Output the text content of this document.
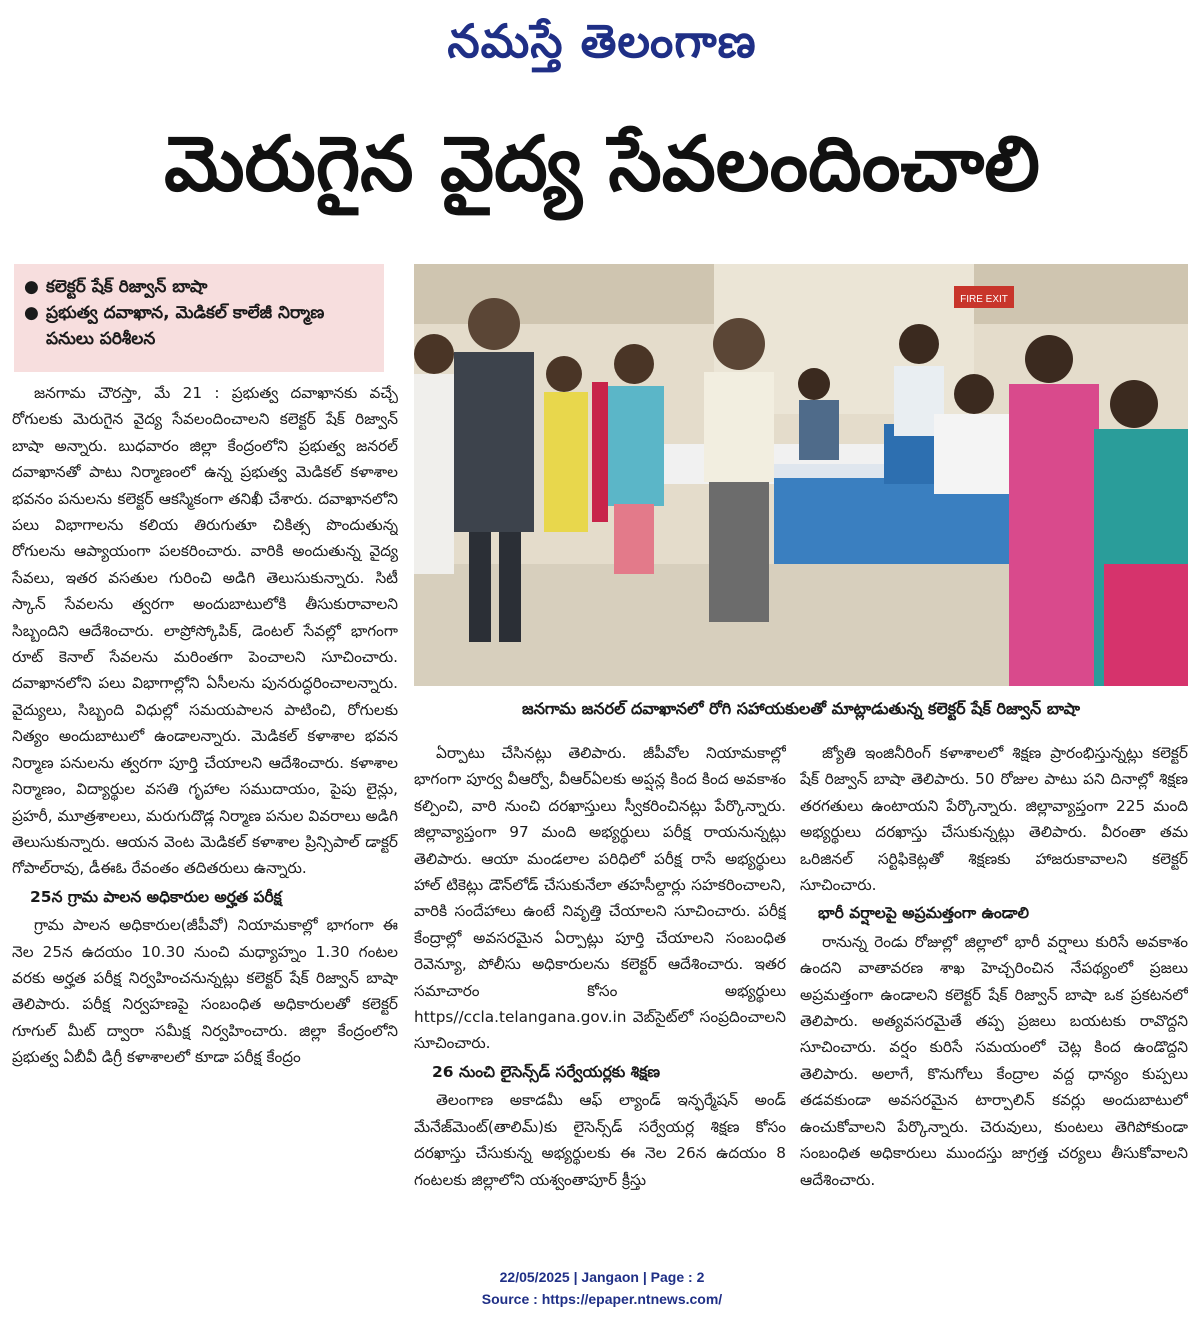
నమస్తే తెలంగాణ
మెరుగైన వైద్య సేవలందించాలి
● కలెక్టర్ షేక్ రిజ్వాన్ బాషా
● ప్రభుత్వ దవాఖాన, మెడికల్ కాలేజీ నిర్మాణ పనులు పరిశీలన
FIRE EXIT
జనగామ జనరల్ దవాఖానలో రోగి సహాయకులతో మాట్లాడుతున్న కలెక్టర్ షేక్ రిజ్వాన్ బాషా

జనగామ చౌరస్తా, మే 21 : ప్రభుత్వ దవాఖానకు వచ్చే రోగులకు మెరుగైన వైద్య సేవలందించాలని కలెక్టర్ షేక్ రిజ్వాన్ బాషా అన్నారు. బుధవారం జిల్లా కేంద్రంలోని ప్రభుత్వ జనరల్ దవాఖానతో పాటు నిర్మాణంలో ఉన్న ప్రభుత్వ మెడికల్ కళాశాల భవనం పనులను కలెక్టర్ ఆకస్మికంగా తనిఖీ చేశారు. దవాఖానలోని పలు విభాగాలను కలియ తిరుగుతూ చికిత్స పొందుతున్న రోగులను ఆప్యాయంగా పలకరించారు. వారికి అందుతున్న వైద్య సేవలు, ఇతర వసతుల గురించి అడిగి తెలుసుకున్నారు. సిటీ స్కాన్ సేవలను త్వరగా అందుబాటులోకి తీసుకురావాలని సిబ్బందిని ఆదేశించారు. లాప్రోస్కోపిక్, డెంటల్ సేవల్లో భాగంగా రూట్ కెనాల్ సేవలను మరింతగా పెంచాలని సూచించారు. దవాఖానలోని పలు విభాగాల్లోని ఏసీలను పునరుద్ధరించాలన్నారు. వైద్యులు, సిబ్బంది విధుల్లో సమయపాలన పాటించి, రోగులకు నిత్యం అందుబాటులో ఉండాలన్నారు. మెడికల్ కళాశాల భవన నిర్మాణ పనులను త్వరగా పూర్తి చేయాలని ఆదేశించారు. కళాశాల నిర్మాణం, విద్యార్థుల వసతి గృహాల సముదాయం, పైపు లైన్లు, ప్రహరీ, మూత్రశాలలు, మరుగుదొడ్ల నిర్మాణ పనుల వివరాలు అడిగి తెలుసుకున్నారు. ఆయన వెంట మెడికల్ కళాశాల ప్రిన్సిపాల్ డాక్టర్ గోపాల్‌రావు, డీఈఓ రేవంతం తదితరులు ఉన్నారు.

25న గ్రామ పాలన అధికారుల అర్హత పరీక్ష

గ్రామ పాలన అధికారుల(జీపీవో) నియామకాల్లో భాగంగా ఈ నెల 25న ఉదయం 10.30 నుంచి మధ్యాహ్నం 1.30 గంటల వరకు అర్హత పరీక్ష నిర్వహించనున్నట్లు కలెక్టర్ షేక్ రిజ్వాన్ బాషా తెలిపారు. పరీక్ష నిర్వహణపై సంబంధిత అధికారులతో కలెక్టర్ గూగుల్ మీట్ ద్వారా సమీక్ష నిర్వహించారు. జిల్లా కేంద్రంలోని ప్రభుత్వ ఏబీవీ డిగ్రీ కళాశాలలో కూడా పరీక్ష కేంద్రం

ఏర్పాటు చేసినట్లు తెలిపారు. జీపీవోల నియామకాల్లో భాగంగా పూర్వ వీఆర్వో, వీఆర్‌ఏలకు అప్షన్ల కింద కింద అవకాశం కల్పించి, వారి నుంచి దరఖాస్తులు స్వీకరించినట్లు పేర్కొన్నారు. జిల్లావ్యాప్తంగా 97 మంది అభ్యర్థులు పరీక్ష రాయనున్నట్లు తెలిపారు. ఆయా మండలాల పరిధిలో పరీక్ష రాసే అభ్యర్థులు హాల్ టికెట్లు డౌన్‌లోడ్ చేసుకునేలా తహసీల్దార్లు సహకరించాలని, వారికి సందేహాలు ఉంటే నివృత్తి చేయాలని సూచించారు. పరీక్ష కేంద్రాల్లో అవసరమైన ఏర్పాట్లు పూర్తి చేయాలని సంబంధిత రెవెన్యూ, పోలీసు అధికారులను కలెక్టర్ ఆదేశించారు. ఇతర సమాచారం కోసం అభ్యర్థులు https//ccla.telangana.gov.in వెబ్‌సైట్‌లో సంప్రదించాలని సూచించారు.

26 నుంచి లైసెన్స్‌డ్ సర్వేయర్లకు శిక్షణ

తెలంగాణ అకాడమీ ఆఫ్ ల్యాండ్ ఇన్ఫర్మేషన్ అండ్ మేనేజ్‌మెంట్(తాలిమ్)కు లైసెన్స్‌డ్ సర్వేయర్ల శిక్షణ కోసం దరఖాస్తు చేసుకున్న అభ్యర్థులకు ఈ నెల 26న ఉదయం 8 గంటలకు జిల్లాలోని యశ్వంతాపూర్ క్రీస్తు

జ్యోతి ఇంజినీరింగ్ కళాశాలలో శిక్షణ ప్రారంభిస్తున్నట్లు కలెక్టర్ షేక్ రిజ్వాన్ బాషా తెలిపారు. 50 రోజుల పాటు పని దినాల్లో శిక్షణ తరగతులు ఉంటాయని పేర్కొన్నారు. జిల్లావ్యాప్తంగా 225 మంది అభ్యర్థులు దరఖాస్తు చేసుకున్నట్లు తెలిపారు. వీరంతా తమ ఒరిజినల్ సర్టిఫికెట్లతో శిక్షణకు హాజరుకావాలని కలెక్టర్ సూచించారు.

భారీ వర్షాలపై అప్రమత్తంగా ఉండాలి

రానున్న రెండు రోజుల్లో జిల్లాలో భారీ వర్షాలు కురిసే అవకాశం ఉందని వాతావరణ శాఖ హెచ్చరించిన నేపథ్యంలో ప్రజలు అప్రమత్తంగా ఉండాలని కలెక్టర్ షేక్ రిజ్వాన్ బాషా ఒక ప్రకటనలో తెలిపారు. అత్యవసరమైతే తప్ప ప్రజలు బయటకు రావొద్దని సూచించారు. వర్షం కురిసే సమయంలో చెట్ల కింద ఉండొద్దని తెలిపారు. అలాగే, కొనుగోలు కేంద్రాల వద్ద ధాన్యం కుప్పలు తడవకుండా అవసరమైన టార్పాలిన్ కవర్లు అందుబాటులో ఉంచుకోవాలని పేర్కొన్నారు. చెరువులు, కుంటలు తెగిపోకుండా సంబంధిత అధికారులు ముందస్తు జాగ్రత్త చర్యలు తీసుకోవాలని ఆదేశించారు.

22/05/2025 | Jangaon | Page : 2
Source : https://epaper.ntnews.com/
